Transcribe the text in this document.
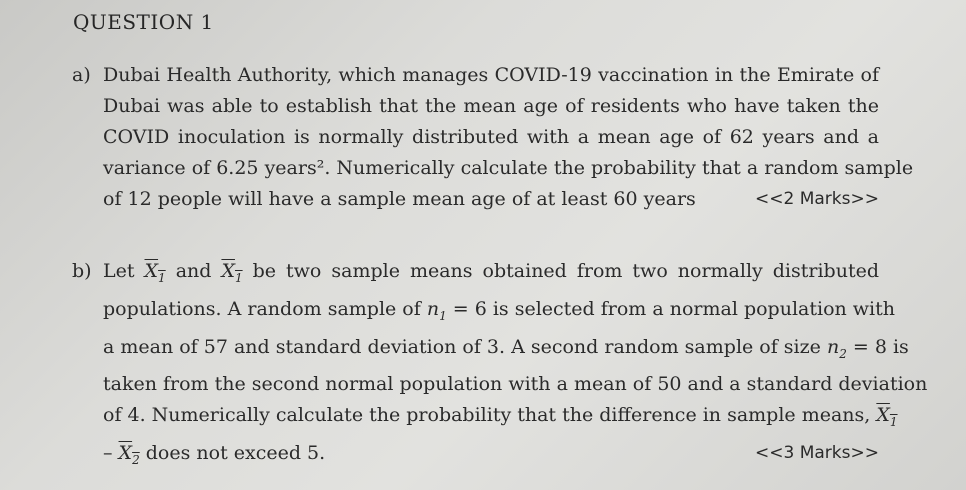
QUESTION 1
a) Dubai Health Authority, which manages COVID-19 vaccination in the Emirate of
Dubai was able to establish that the mean age of residents who have taken the
COVID inoculation is normally distributed with a mean age of 62 years and a
variance of 6.25 years². Numerically calculate the probability that a random sample
of 12 people will have a sample mean age of at least 60 years	<<2 Marks>>
b) Let $X_1$ and $X_1$ be two sample means obtained from two normally distributed
populations. A random sample of $n_1 = 6$ is selected from a normal population with
a mean of 57 and standard deviation of 3. A second random sample of size $n_2 = 8$ is
taken from the second normal population with a mean of 50 and a standard deviation
of 4. Numerically calculate the probability that the difference in sample means, $X_1$
– $X_2$ does not exceed 5.	<<3 Marks>>
